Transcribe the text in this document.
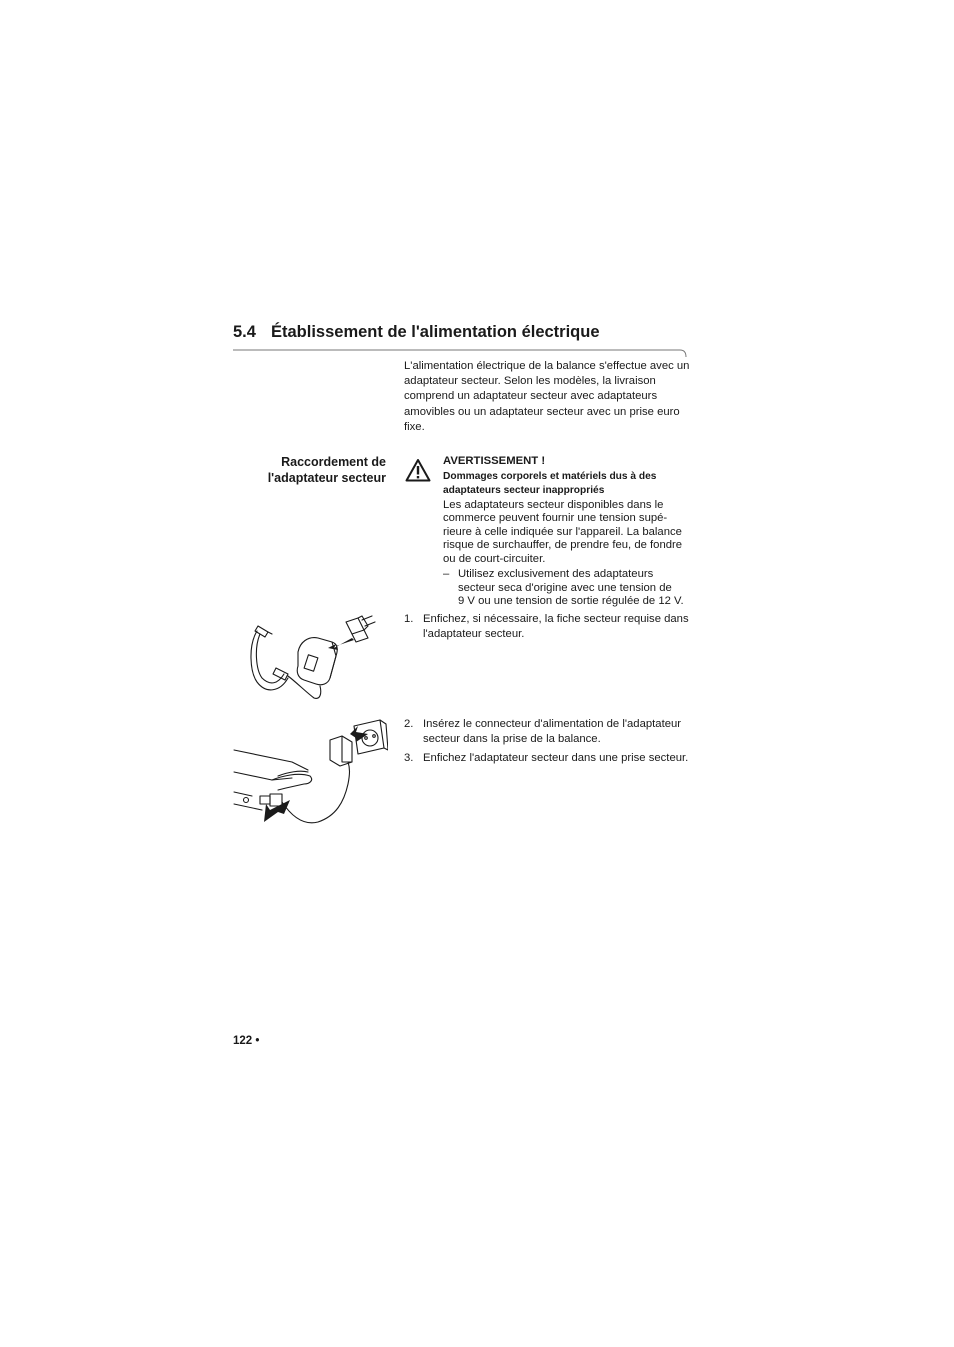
5.4 Établissement de l'alimentation électrique

L'alimentation électrique de la balance s'effectue avec un adaptateur secteur. Selon les modèles, la livraison comprend un adaptateur secteur avec adaptateurs amovibles ou un adaptateur secteur avec un prise euro fixe.

Raccordement de
l'adaptateur secteur

AVERTISSEMENT !

Dommages corporels et matériels dus à des
adaptateurs secteur inappropriés

Les adaptateurs secteur disponibles dans le
commerce peuvent fournir une tension supé-
rieure à celle indiquée sur l'appareil. La balance
risque de surchauffer, de prendre feu, de fondre
ou de court-circuiter.

– Utilisez exclusivement des adaptateurs
secteur seca d'origine avec une tension de
9 V ou une tension de sortie régulée de 12 V.

1. Enfichez, si nécessaire, la fiche secteur requise dans l'adaptateur secteur.
2. Insérez le connecteur d'alimentation de l'adaptateur secteur dans la prise de la balance.
3. Enfichez l'adaptateur secteur dans une prise secteur.

122 •
